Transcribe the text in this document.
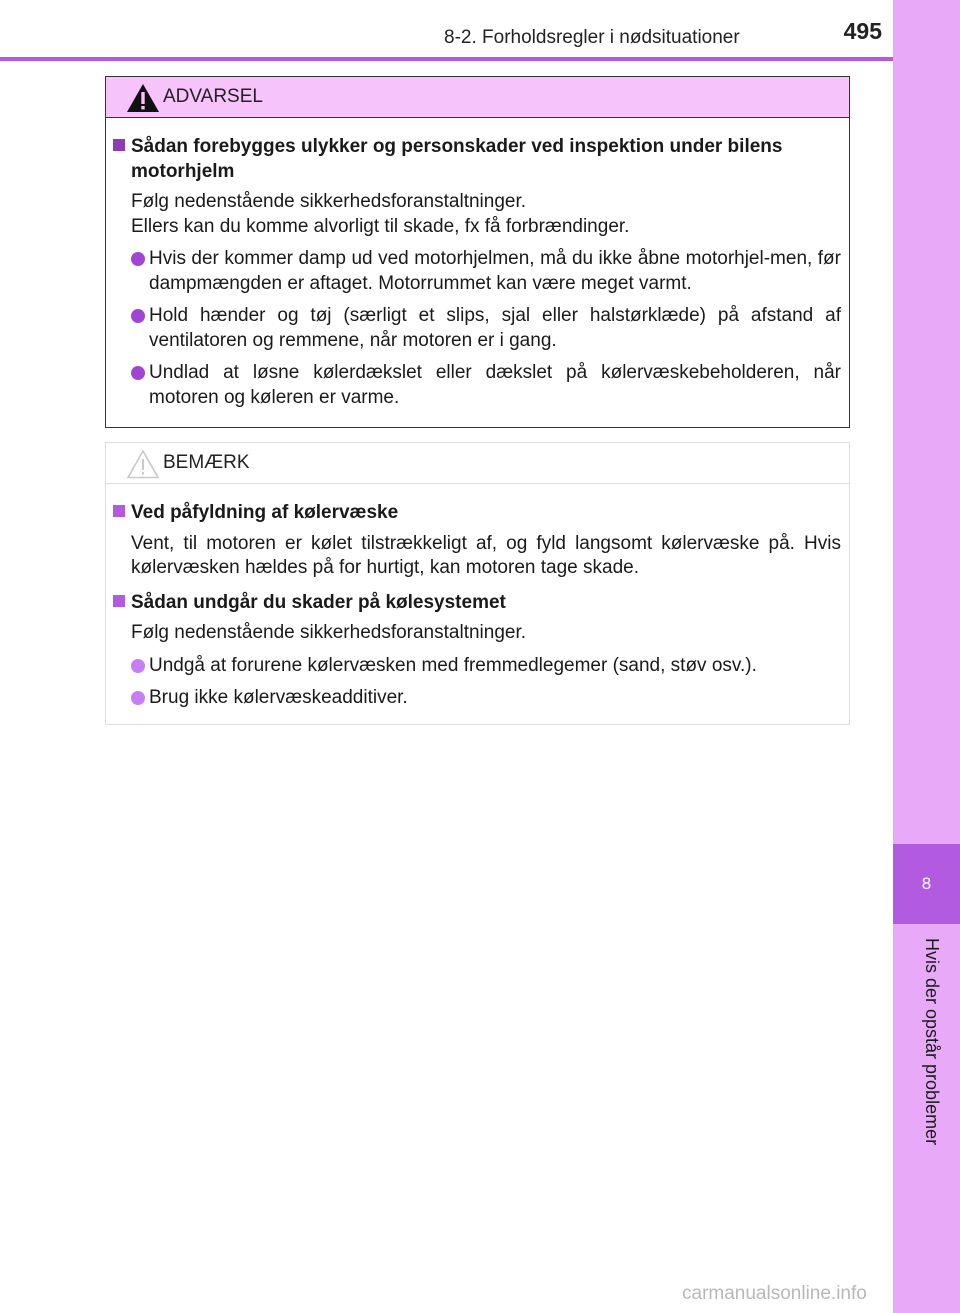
495
8-2. Forholdsregler i nødsituationer
8
Hvis der opstår problemer
ADVARSEL
Sådan forebygges ulykker og personskader ved inspektion under bilens motorhjelm
Følg nedenstående sikkerhedsforanstaltninger.
Ellers kan du komme alvorligt til skade, fx få forbrændinger.
Hvis der kommer damp ud ved motorhjelmen, må du ikke åbne motorhjel-men, før dampmængden er aftaget. Motorrummet kan være meget varmt.
Hold hænder og tøj (særligt et slips, sjal eller halstørklæde) på afstand af ventilatoren og remmene, når motoren er i gang.
Undlad at løsne kølerdækslet eller dækslet på kølervæskebeholderen, når motoren og køleren er varme.
BEMÆRK
Ved påfyldning af kølervæske
Vent, til motoren er kølet tilstrækkeligt af, og fyld langsomt kølervæske på. Hvis kølervæsken hældes på for hurtigt, kan motoren tage skade.
Sådan undgår du skader på kølesystemet
Følg nedenstående sikkerhedsforanstaltninger.
Undgå at forurene kølervæsken med fremmedlegemer (sand, støv osv.).
Brug ikke kølervæskeadditiver.
carmanualsonline.info
